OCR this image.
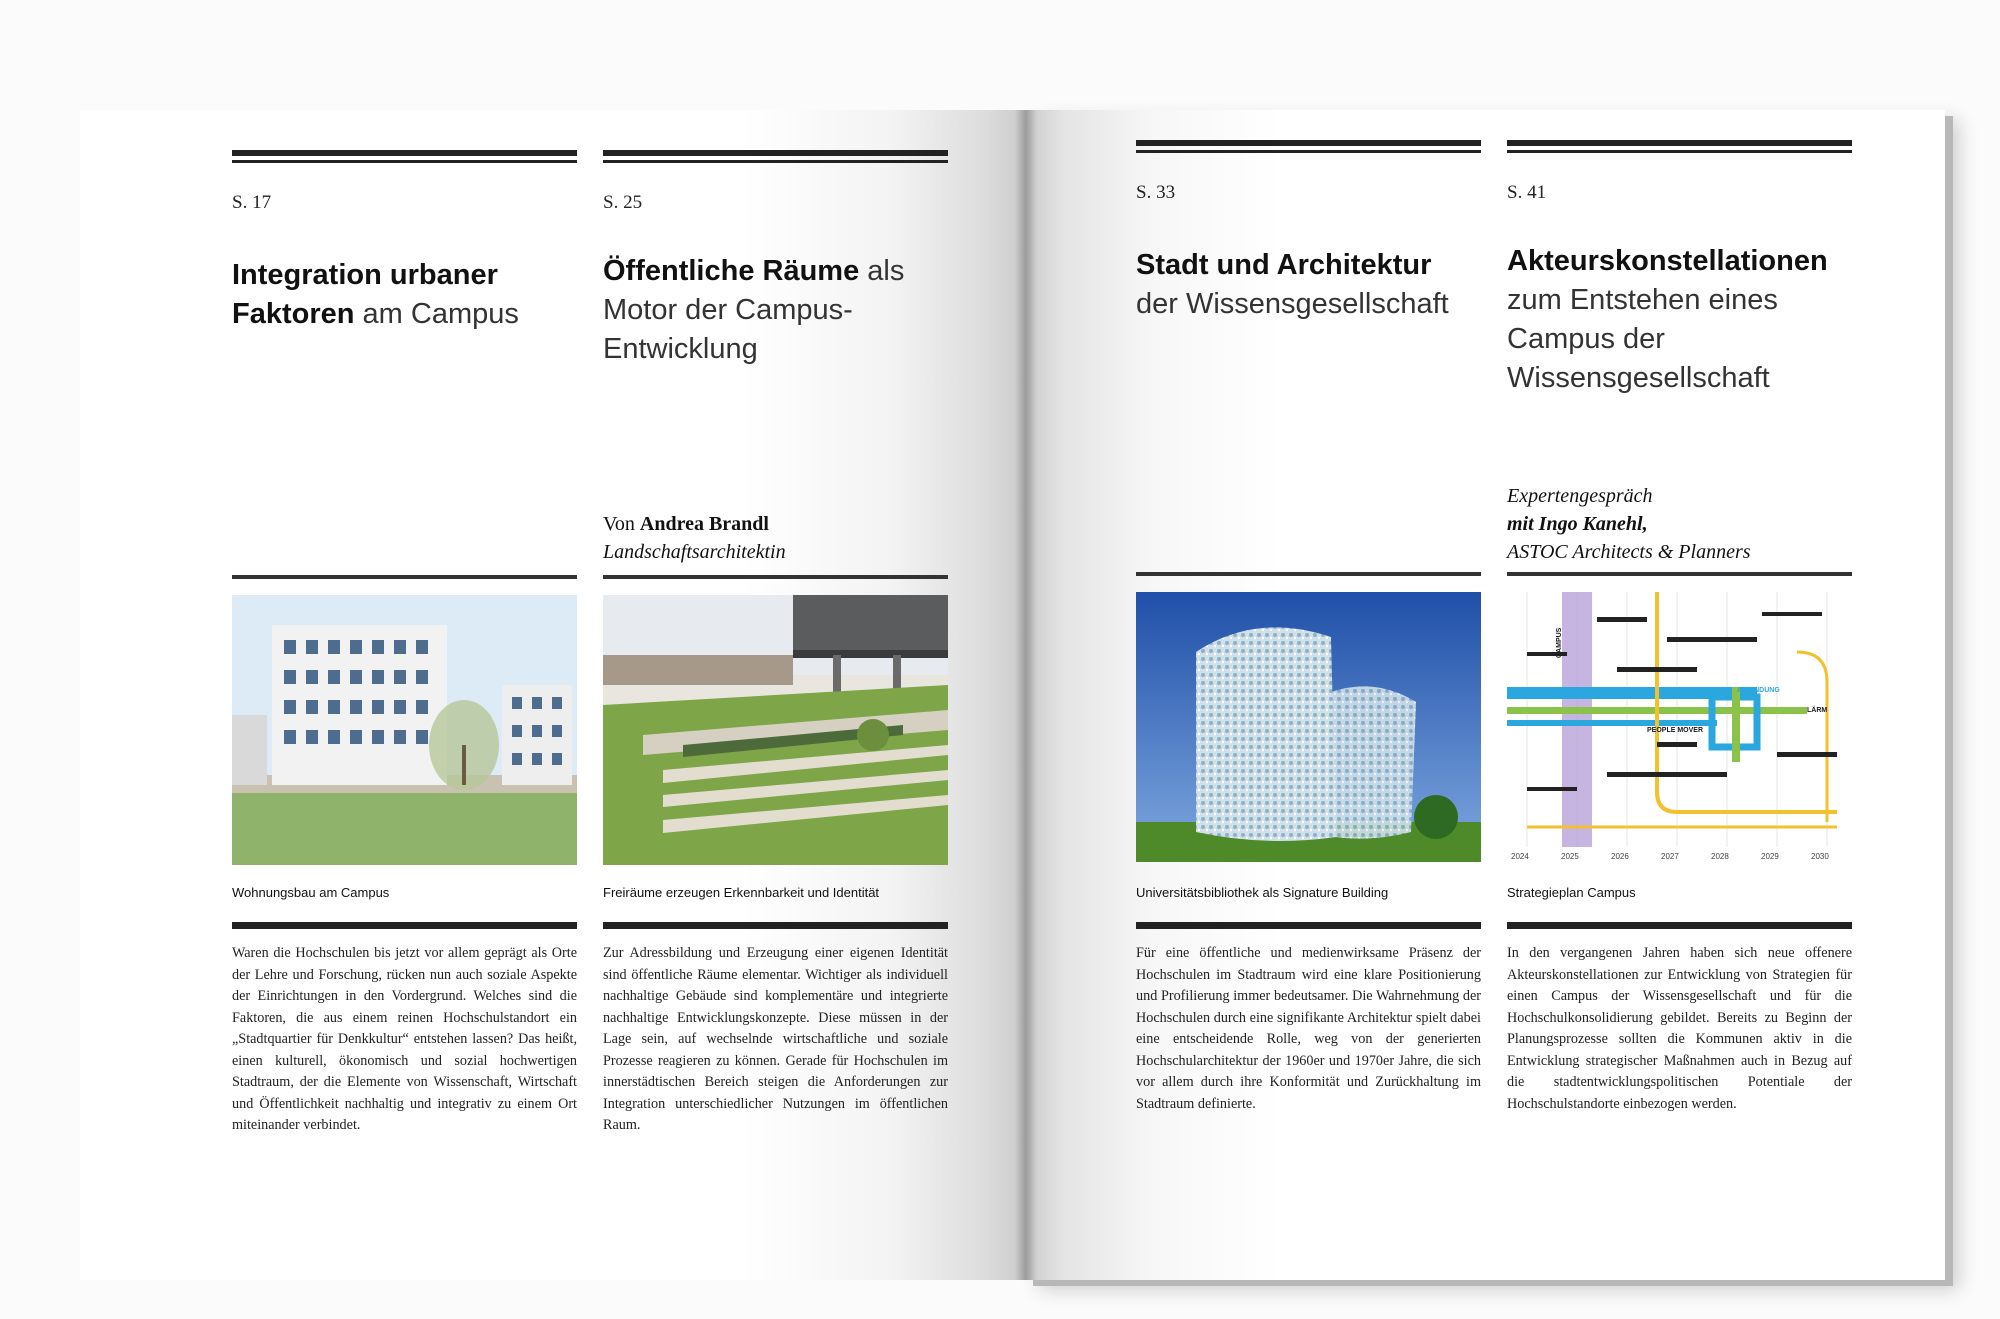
S. 17
Integration urbaner Faktoren am Campus
Wohnungsbau am Campus
Waren die Hochschulen bis jetzt vor allem geprägt als Orte der Lehre und Forschung, rücken nun auch soziale Aspekte der Einrichtungen in den Vordergrund. Welches sind die Faktoren, die aus einem reinen Hochschulstandort ein „Stadtquartier für Denkkultur“ entstehen lassen? Das heißt, einen kulturell, ökonomisch und sozial hochwertigen Stadtraum, der die Elemente von Wissenschaft, Wirtschaft und Öffentlichkeit nachhaltig und integrativ zu einem Ort miteinander verbindet.
S. 25
Öffentliche Räume als Motor der Campus-Entwicklung
Von Andrea Brandl
Landschaftsarchitektin
Freiräume erzeugen Erkennbarkeit und Identität
Zur Adressbildung und Erzeugung einer eigenen Identität sind öffentliche Räume elementar. Wichtiger als individuell nachhaltige Gebäude sind komplementäre und integrierte nachhaltige Entwicklungskonzepte. Diese müssen in der Lage sein, auf wechselnde wirtschaftliche und soziale Prozesse reagieren zu können. Gerade für Hochschulen im innerstädtischen Bereich steigen die Anforderungen zur Integration unterschiedlicher Nutzungen im öffentlichen Raum.
S. 33
Stadt und Architektur der Wissensgesellschaft
Universitätsbibliothek als Signature Building
Für eine öffentliche und medienwirksame Präsenz der Hochschulen im Stadtraum wird eine klare Positionierung und Profilierung immer bedeutsamer. Die Wahrnehmung der Hochschulen durch eine signifikante Architektur spielt dabei eine entscheidende Rolle, weg von der generierten Hochschularchitektur der 1960er und 1970er Jahre, die sich vor allem durch ihre Konformität und Zurückhaltung im Stadtraum definierte.
S. 41
Akteurskonstellationen zum Entstehen eines Campus der Wissensgesellschaft
Expertengespräch
mit Ingo Kanehl,
ASTOC Architects & Planners
2024	2025	2026	2027	2028	2029	2030
CAMPUS
ANBINDUNG
PEOPLE MOVER
LÄRM
Strategieplan Campus
In den vergangenen Jahren haben sich neue offenere Akteurskonstellationen zur Entwicklung von Strategien für einen Campus der Wissensgesellschaft und für die Hochschulkonsolidierung gebildet. Bereits zu Beginn der Planungsprozesse sollten die Kommunen aktiv in die Entwicklung strategischer Maßnahmen auch in Bezug auf die stadtentwicklungspolitischen Potentiale der Hochschulstandorte einbezogen werden.
